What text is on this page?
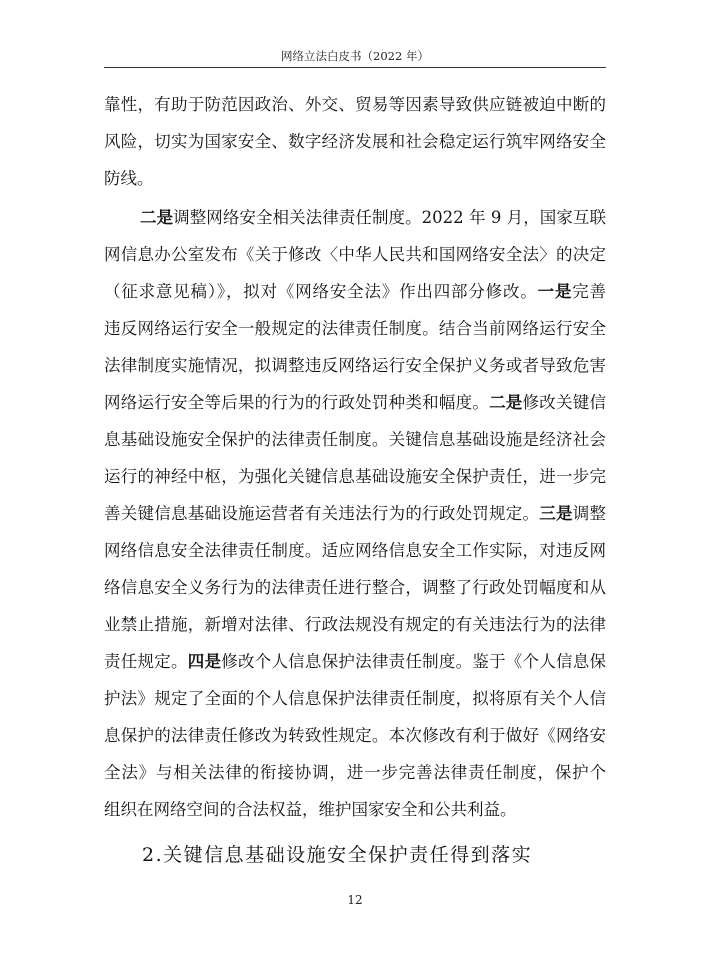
网络立法白皮书（2022 年）
靠性，有助于防范因政治、外交、贸易等因素导致供应链被迫中断的
风险，切实为国家安全、数字经济发展和社会稳定运行筑牢网络安全
防线。
二是调整网络安全相关法律责任制度。2022 年 9 月，国家互联
网信息办公室发布《关于修改〈中华人民共和国网络安全法〉的决定
（征求意见稿）》，拟对《网络安全法》作出四部分修改。一是完善
违反网络运行安全一般规定的法律责任制度。结合当前网络运行安全
法律制度实施情况，拟调整违反网络运行安全保护义务或者导致危害
网络运行安全等后果的行为的行政处罚种类和幅度。二是修改关键信
息基础设施安全保护的法律责任制度。关键信息基础设施是经济社会
运行的神经中枢，为强化关键信息基础设施安全保护责任，进一步完
善关键信息基础设施运营者有关违法行为的行政处罚规定。三是调整
网络信息安全法律责任制度。适应网络信息安全工作实际，对违反网
络信息安全义务行为的法律责任进行整合，调整了行政处罚幅度和从
业禁止措施，新增对法律、行政法规没有规定的有关违法行为的法律
责任规定。四是修改个人信息保护法律责任制度。鉴于《个人信息保
护法》规定了全面的个人信息保护法律责任制度，拟将原有关个人信
息保护的法律责任修改为转致性规定。本次修改有利于做好《网络安
全法》与相关法律的衔接协调，进一步完善法律责任制度，保护个
组织在网络空间的合法权益，维护国家安全和公共利益。
2.关键信息基础设施安全保护责任得到落实
12
